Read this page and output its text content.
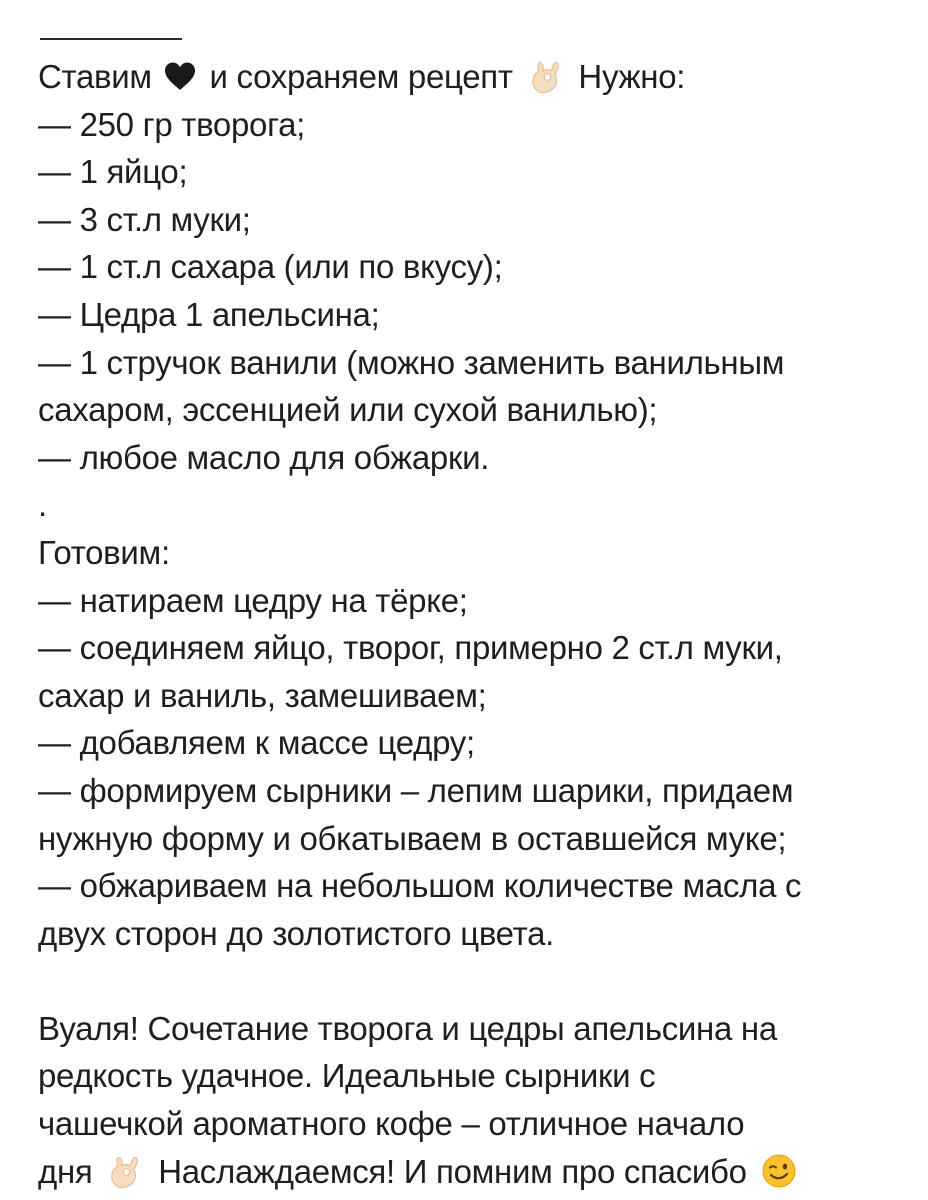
Ставим и сохраняем рецепт Нужно:
— 250 гр творога;
— 1 яйцо;
— 3 ст.л муки;
— 1 ст.л сахара (или по вкусу);
— Цедра 1 апельсина;
— 1 стручок ванили (можно заменить ванильным
сахаром, эссенцией или сухой ванилью);
— любое масло для обжарки.
.
Готовим:
— натираем цедру на тёрке;
— соединяем яйцо, творог, примерно 2 ст.л муки,
сахар и ваниль, замешиваем;
— добавляем к массе цедру;
— формируем сырники – лепим шарики, придаем
нужную форму и обкатываем в оставшейся муке;
— обжариваем на небольшом количестве масла с
двух сторон до золотистого цвета.
Вуаля! Сочетание творога и цедры апельсина на
редкость удачное. Идеальные сырники с
чашечкой ароматного кофе – отличное начало
дня Наслаждаемся! И помним про спасибо
